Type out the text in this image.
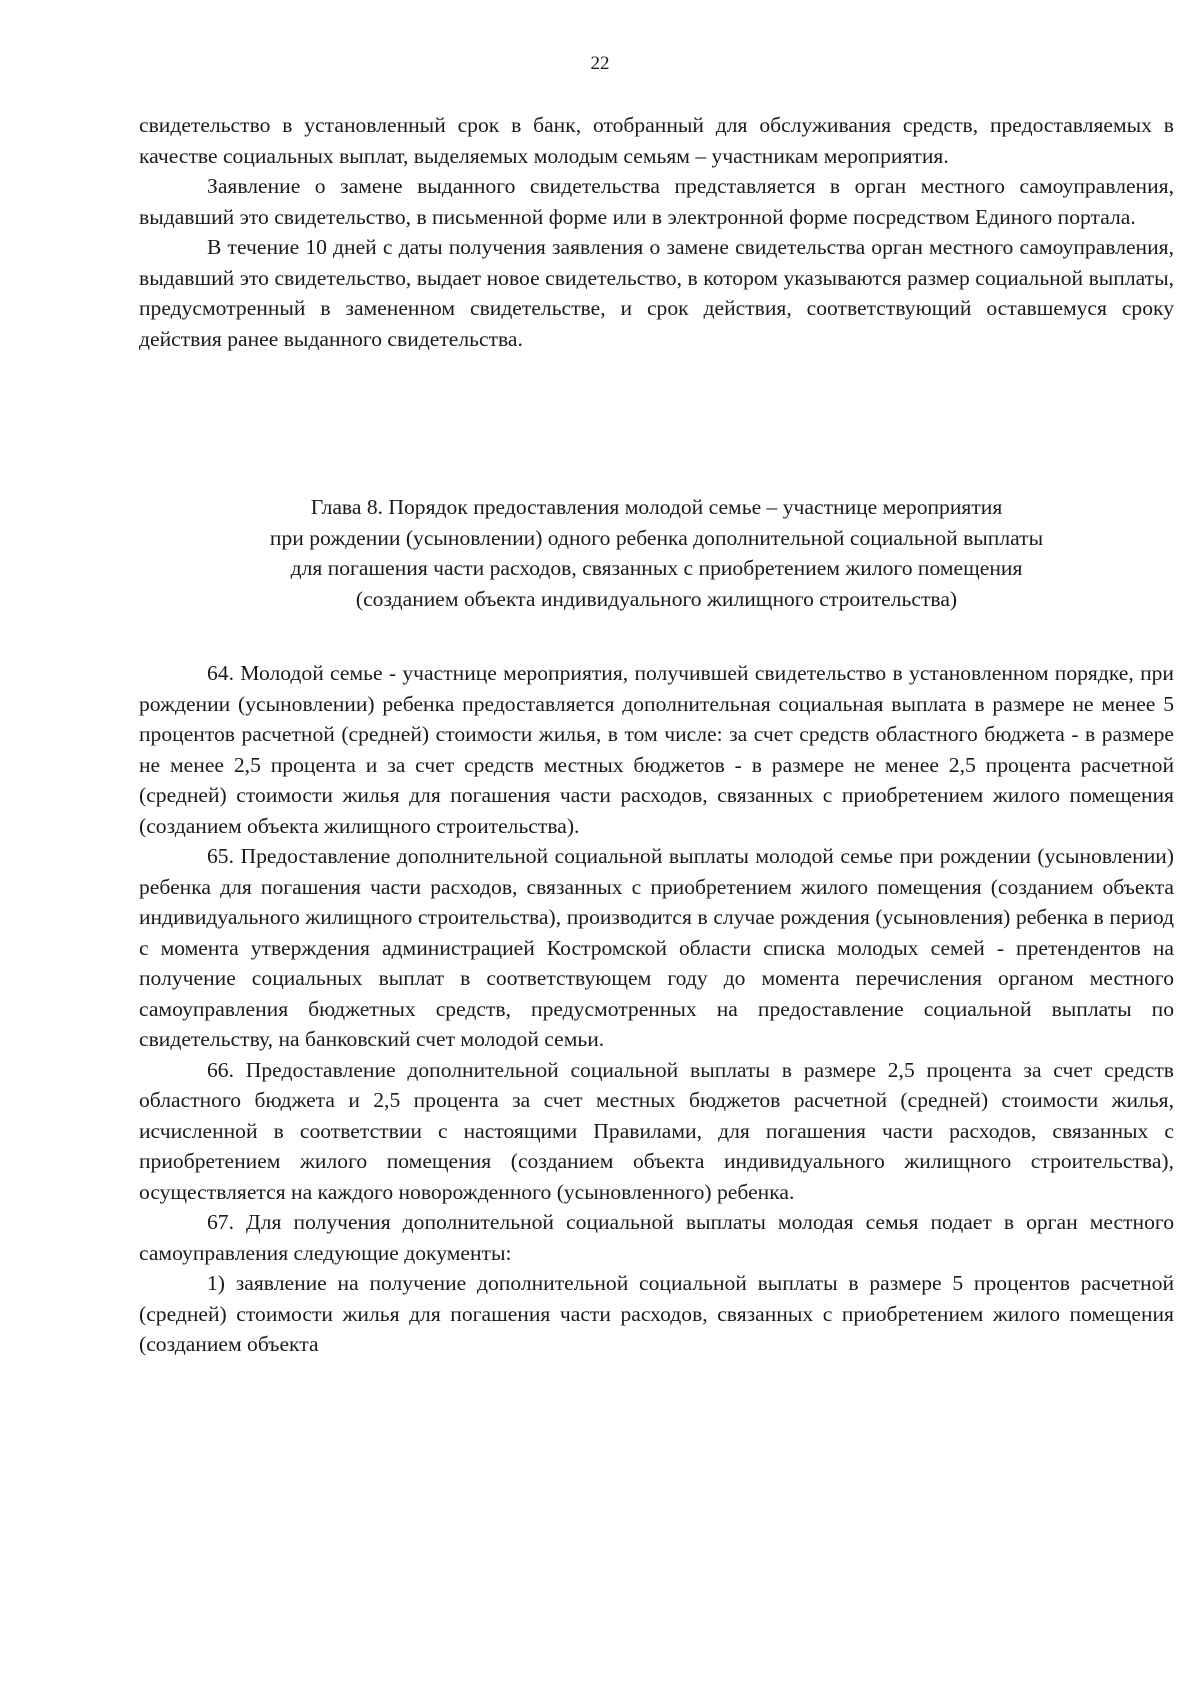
22

свидетельство в установленный срок в банк, отобранный для обслуживания средств, предоставляемых в качестве социальных выплат, выделяемых молодым семьям – участникам мероприятия.

Заявление о замене выданного свидетельства представляется в орган местного самоуправления, выдавший это свидетельство, в письменной форме или в электронной форме посредством Единого портала.

В течение 10 дней с даты получения заявления о замене свидетельства орган местного самоуправления, выдавший это свидетельство, выдает новое свидетельство, в котором указываются размер социальной выплаты, предусмотренный в замененном свидетельстве, и срок действия, соответствующий оставшемуся сроку действия ранее выданного свидетельства.

Глава 8. Порядок предоставления молодой семье – участнице мероприятия
при рождении (усыновлении) одного ребенка дополнительной социальной выплаты
для погашения части расходов, связанных с приобретением жилого помещения
(созданием объекта индивидуального жилищного строительства)

64. Молодой семье - участнице мероприятия, получившей свидетельство в установленном порядке, при рождении (усыновлении) ребенка предоставляется дополнительная социальная выплата в размере не менее 5 процентов расчетной (средней) стоимости жилья, в том числе: за счет средств областного бюджета - в размере не менее 2,5 процента и за счет средств местных бюджетов - в размере не менее 2,5 процента расчетной (средней) стоимости жилья для погашения части расходов, связанных с приобретением жилого помещения (созданием объекта жилищного строительства).

65. Предоставление дополнительной социальной выплаты молодой семье при рождении (усыновлении) ребенка для погашения части расходов, связанных с приобретением жилого помещения (созданием объекта индивидуального жилищного строительства), производится в случае рождения (усыновления) ребенка в период с момента утверждения администрацией Костромской области списка молодых семей - претендентов на получение социальных выплат в соответствующем году до момента перечисления органом местного самоуправления бюджетных средств, предусмотренных на предоставление социальной выплаты по свидетельству, на банковский счет молодой семьи.

66. Предоставление дополнительной социальной выплаты в размере 2,5 процента за счет средств областного бюджета и 2,5 процента за счет местных бюджетов расчетной (средней) стоимости жилья, исчисленной в соответствии с настоящими Правилами, для погашения части расходов, связанных с приобретением жилого помещения (созданием объекта индивидуального жилищного строительства), осуществляется на каждого новорожденного (усыновленного) ребенка.

67. Для получения дополнительной социальной выплаты молодая семья подает в орган местного самоуправления следующие документы:

1) заявление на получение дополнительной социальной выплаты в размере 5 процентов расчетной (средней) стоимости жилья для погашения части расходов, связанных с приобретением жилого помещения (созданием объекта
